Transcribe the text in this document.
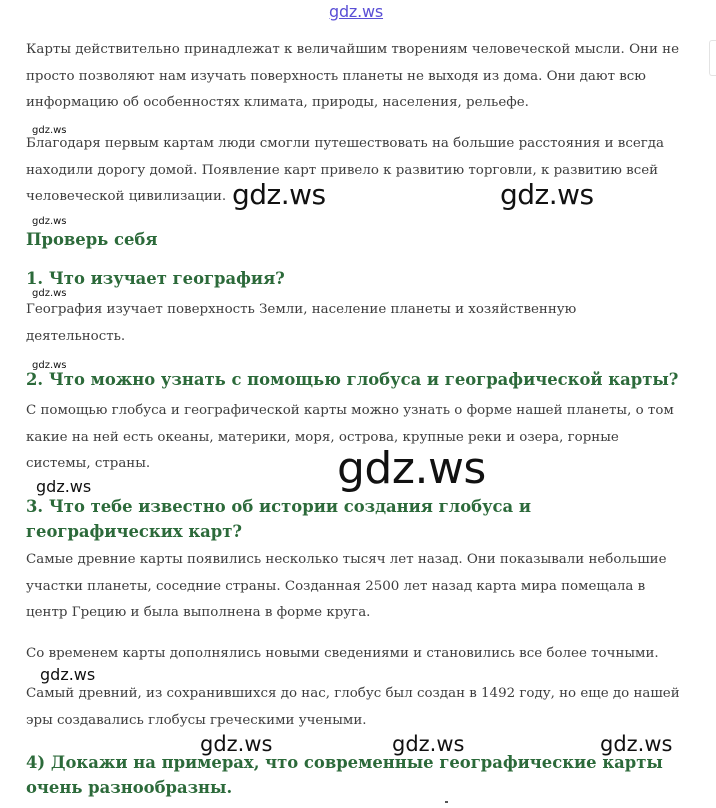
gdz.ws

Карты действительно принадлежат к величайшим творениям человеческой мысли. Они не просто позволяют нам изучать поверхность планеты не выходя из дома. Они дают всю информацию об особенностях климата, природы, населения, рельефе.

gdz.ws

Благодаря первым картам люди смогли путешествовать на большие расстояния и всегда находили дорогу домой. Появление карт привело к развитию торговли, к развитию всей человеческой цивилизации. gdz.ws	gdz.ws
gdz.ws
Проверь себя
1. Что изучает география?
gdz.ws

География изучает поверхность Земли, население планеты и хозяйственную деятельность.

gdz.ws
2. Что можно узнать с помощью глобуса и географической карты?

С помощью глобуса и географической карты можно узнать о форме нашей планеты, о том какие на ней есть океаны, материки, моря, острова, крупные реки и озера, горные системы, страны.	gdz.ws
gdz.ws
3. Что тебе известно об истории создания глобуса и географических карт?

Самые древние карты появились несколько тысяч лет назад. Они показывали небольшие участки планеты, соседние страны. Созданная 2500 лет назад карта мира помещала в центр Грецию и была выполнена в форме круга.

Со временем карты дополнялись новыми сведениями и становились все более точными.

gdz.ws

Самый древний, из сохранившихся до нас, глобус был создан в 1492 году, но еще до нашей эры создавались глобусы греческими учеными.

gdz.ws	gdz.ws	gdz.ws
4) Докажи на примерах, что современные географические карты очень разнообразны.
